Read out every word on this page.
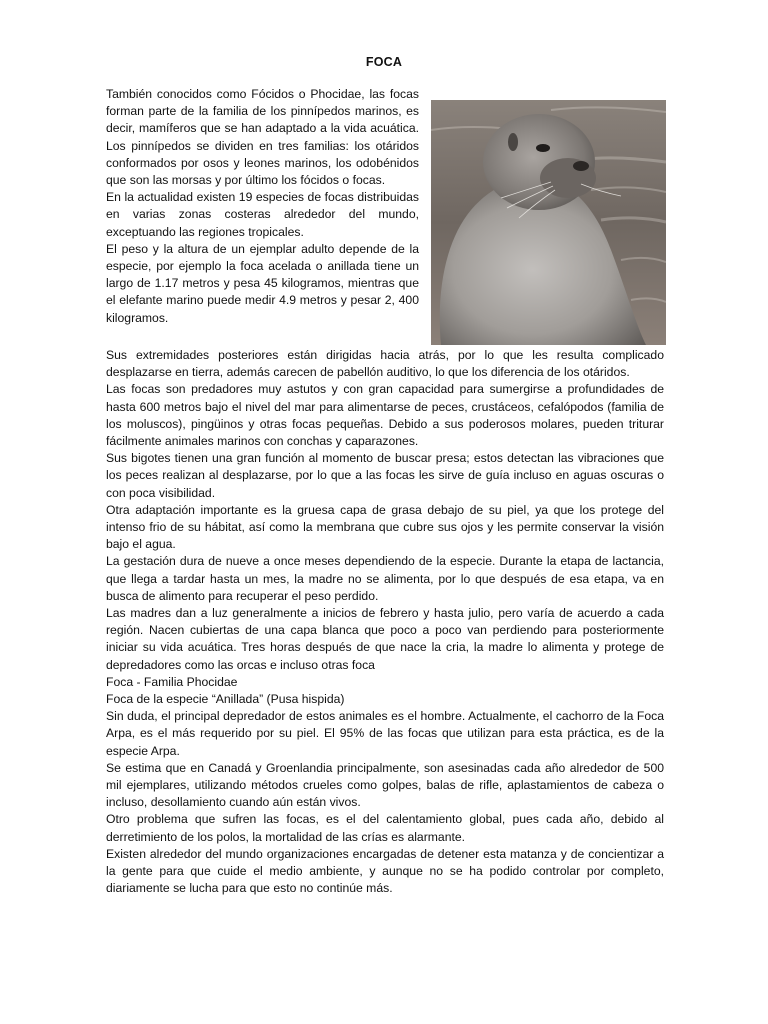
FOCA

También conocidos como Fócidos o Phocidae, las focas forman parte de la familia de los pinnípedos marinos, es decir, mamíferos que se han adaptado a la vida acuática. Los pinnípedos se dividen en tres familias: los otáridos conformados por osos y leones marinos, los odobénidos que son las morsas y por último los fócidos o focas.

En la actualidad existen 19 especies de focas distribuidas en varias zonas costeras alrededor del mundo, exceptuando las regiones tropicales.

El peso y la altura de un ejemplar adulto depende de la especie, por ejemplo la foca acelada o anillada tiene un largo de 1.17 metros y pesa 45 kilogramos, mientras que el elefante marino puede medir 4.9 metros y pesar 2, 400 kilogramos.

Sus extremidades posteriores están dirigidas hacia atrás, por lo que les resulta complicado desplazarse en tierra, además carecen de pabellón auditivo, lo que los diferencia de los otáridos.

Las focas son predadores muy astutos y con gran capacidad para sumergirse a profundidades de hasta 600 metros bajo el nivel del mar para alimentarse de peces, crustáceos, cefalópodos (familia de los moluscos), pingüinos y otras focas pequeñas. Debido a sus poderosos molares, pueden triturar fácilmente animales marinos con conchas y caparazones.

Sus bigotes tienen una gran función al momento de buscar presa; estos detectan las vibraciones que los peces realizan al desplazarse, por lo que a las focas les sirve de guía incluso en aguas oscuras o con poca visibilidad.

Otra adaptación importante es la gruesa capa de grasa debajo de su piel, ya que los protege del intenso frio de su hábitat, así como la membrana que cubre sus ojos y les permite conservar la visión bajo el agua.

La gestación dura de nueve a once meses dependiendo de la especie. Durante la etapa de lactancia, que llega a tardar hasta un mes, la madre no se alimenta, por lo que después de esa etapa, va en busca de alimento para recuperar el peso perdido.

Las madres dan a luz generalmente a inicios de febrero y hasta julio, pero varía de acuerdo a cada región. Nacen cubiertas de una capa blanca que poco a poco van perdiendo para posteriormente iniciar su vida acuática. Tres horas después de que nace la cria, la madre lo alimenta y protege de depredadores como las orcas e incluso otras foca

Foca - Familia Phocidae

Foca de la especie “Anillada” (Pusa hispida)

Sin duda, el principal depredador de estos animales es el hombre. Actualmente, el cachorro de la Foca Arpa, es el más requerido por su piel. El 95% de las focas que utilizan para esta práctica, es de la especie Arpa.

Se estima que en Canadá y Groenlandia principalmente, son asesinadas cada año alrededor de 500 mil ejemplares, utilizando métodos crueles como golpes, balas de rifle, aplastamientos de cabeza o incluso, desollamiento cuando aún están vivos.

Otro problema que sufren las focas, es el del calentamiento global, pues cada año, debido al derretimiento de los polos, la mortalidad de las crías es alarmante.

Existen alrededor del mundo organizaciones encargadas de detener esta matanza y de concientizar a la gente para que cuide el medio ambiente, y aunque no se ha podido controlar por completo, diariamente se lucha para que esto no continúe más.
